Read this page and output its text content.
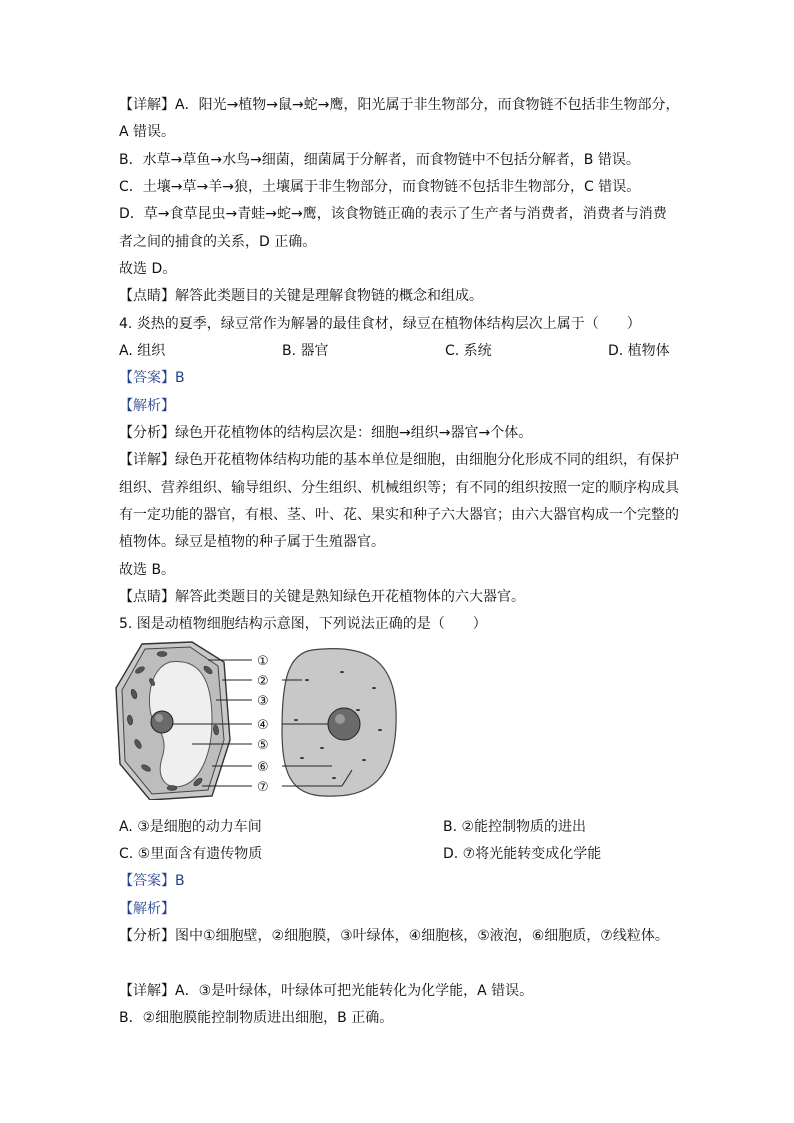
【详解】A．阳光→植物→鼠→蛇→鹰，阳光属于非生物部分，而食物链不包括非生物部分，
A 错误。
B．水草→草鱼→水鸟→细菌，细菌属于分解者，而食物链中不包括分解者，B 错误。
C．土壤→草→羊→狼，土壤属于非生物部分，而食物链不包括非生物部分，C 错误。
D．草→食草昆虫→青蛙→蛇→鹰，该食物链正确的表示了生产者与消费者，消费者与消费
者之间的捕食的关系，D 正确。
故选 D。
【点睛】解答此类题目的关键是理解食物链的概念和组成。
4. 炎热的夏季，绿豆常作为解暑的最佳食材，绿豆在植物体结构层次上属于（　　）
A. 组织	B. 器官	C. 系统	D. 植物体
【答案】B
【解析】
【分析】绿色开花植物体的结构层次是：细胞→组织→器官→个体。
【详解】绿色开花植物体结构功能的基本单位是细胞，由细胞分化形成不同的组织，有保护
组织、营养组织、输导组织、分生组织、机械组织等；有不同的组织按照一定的顺序构成具
有一定功能的器官，有根、茎、叶、花、果实和种子六大器官；由六大器官构成一个完整的
植物体。绿豆是植物的种子属于生殖器官。
故选 B。
【点睛】解答此类题目的关键是熟知绿色开花植物体的六大器官。
5. 图是动植物细胞结构示意图，下列说法正确的是（　　）
①
②
③
④
⑤
⑥
⑦
A. ③是细胞的动力车间	B. ②能控制物质的进出
C. ⑤里面含有遗传物质	D. ⑦将光能转变成化学能
【答案】B
【解析】
【分析】图中①细胞壁，②细胞膜，③叶绿体，④细胞核，⑤液泡，⑥细胞质，⑦线粒体。
【详解】A．③是叶绿体，叶绿体可把光能转化为化学能，A 错误。
B．②细胞膜能控制物质进出细胞，B 正确。
